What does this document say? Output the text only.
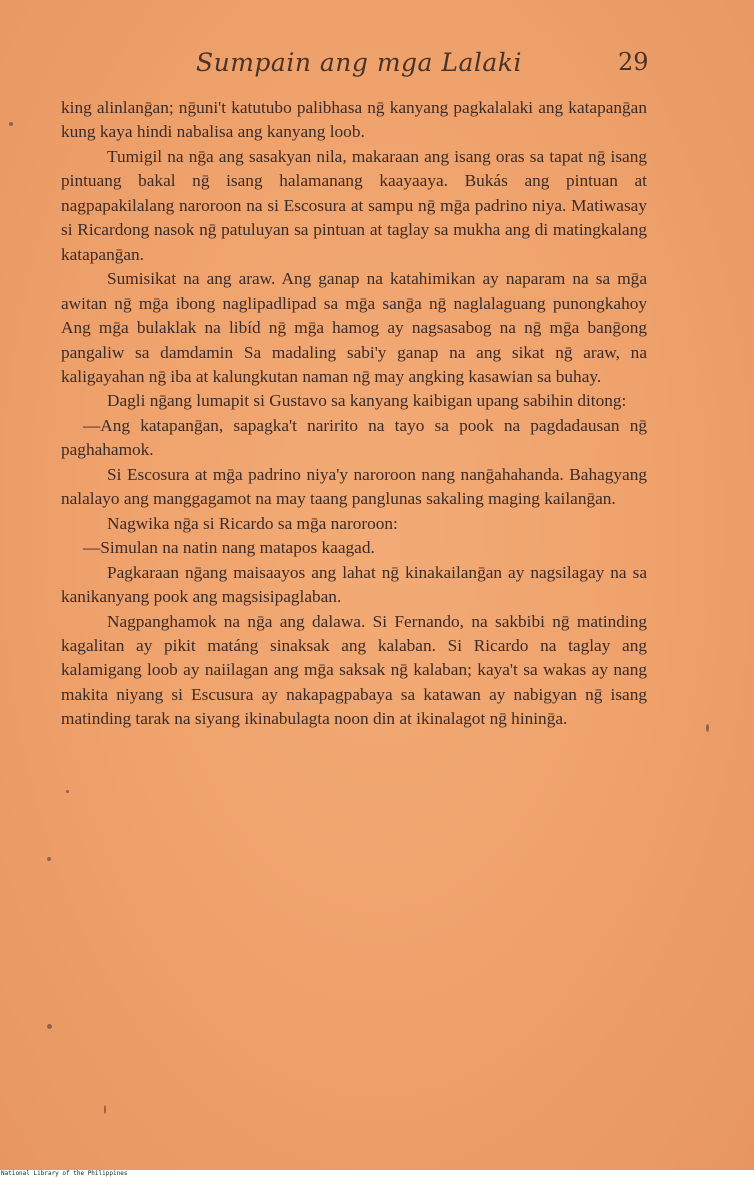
Sumpain ang mga Lalaki	29

king alinlanḡan; nḡuni't katutubo palibhasa nḡ kanyang pagkalalaki ang katapanḡan kung kaya hindi nabalisa ang kanyang loob.

Tumigil na nḡa ang sasakyan nila, makaraan ang isang oras sa tapat nḡ isang pintuang bakal nḡ isang halamanang kaayaaya. Bukás ang pintuan at nagpapakilalang naroroon na si Escosura at sampu nḡ mḡa padrino niya. Matiwasay si Ricardong nasok nḡ patuluyan sa pintuan at taglay sa mukha ang di matingkalang katapanḡan.

Sumisikat na ang araw. Ang ganap na katahimikan ay naparam na sa mḡa awitan nḡ mḡa ibong naglipadlipad sa mḡa sanḡa nḡ naglalaguang punongkahoy Ang mḡa bulaklak na libíd nḡ mḡa hamog ay nagsasabog na nḡ mḡa banḡong pangaliw sa damdamin Sa madaling sabi'y ganap na ang sikat nḡ araw, na kaligayahan nḡ iba at kalungkutan naman nḡ may angking kasawian sa buhay.

Dagli nḡang lumapit si Gustavo sa kanyang kaibigan upang sabihin ditong:

—Ang katapanḡan, sapagka't naririto na tayo sa pook na pagdadausan nḡ paghahamok.

Si Escosura at mḡa padrino niya'y naroroon nang nanḡahahanda. Bahagyang nalalayo ang manggagamot na may taang panglunas sakaling maging kailanḡan.

Nagwika nḡa si Ricardo sa mḡa naroroon:

—Simulan na natin nang matapos kaagad.

Pagkaraan nḡang maisaayos ang lahat nḡ kinakailanḡan ay nagsilagay na sa kanikanyang pook ang magsisipaglaban.

Nagpanghamok na nḡa ang dalawa. Si Fernando, na sakbibi nḡ matinding kagalitan ay pikit matáng sinaksak ang kalaban. Si Ricardo na taglay ang kalamigang loob ay naiilagan ang mḡa saksak nḡ kalaban; kaya't sa wakas ay nang makita niyang si Escusura ay nakapagpabaya sa katawan ay nabigyan nḡ isang matinding tarak na siyang ikinabulagta noon din at ikinalagot nḡ hininḡa.

National Library of the Philippines
